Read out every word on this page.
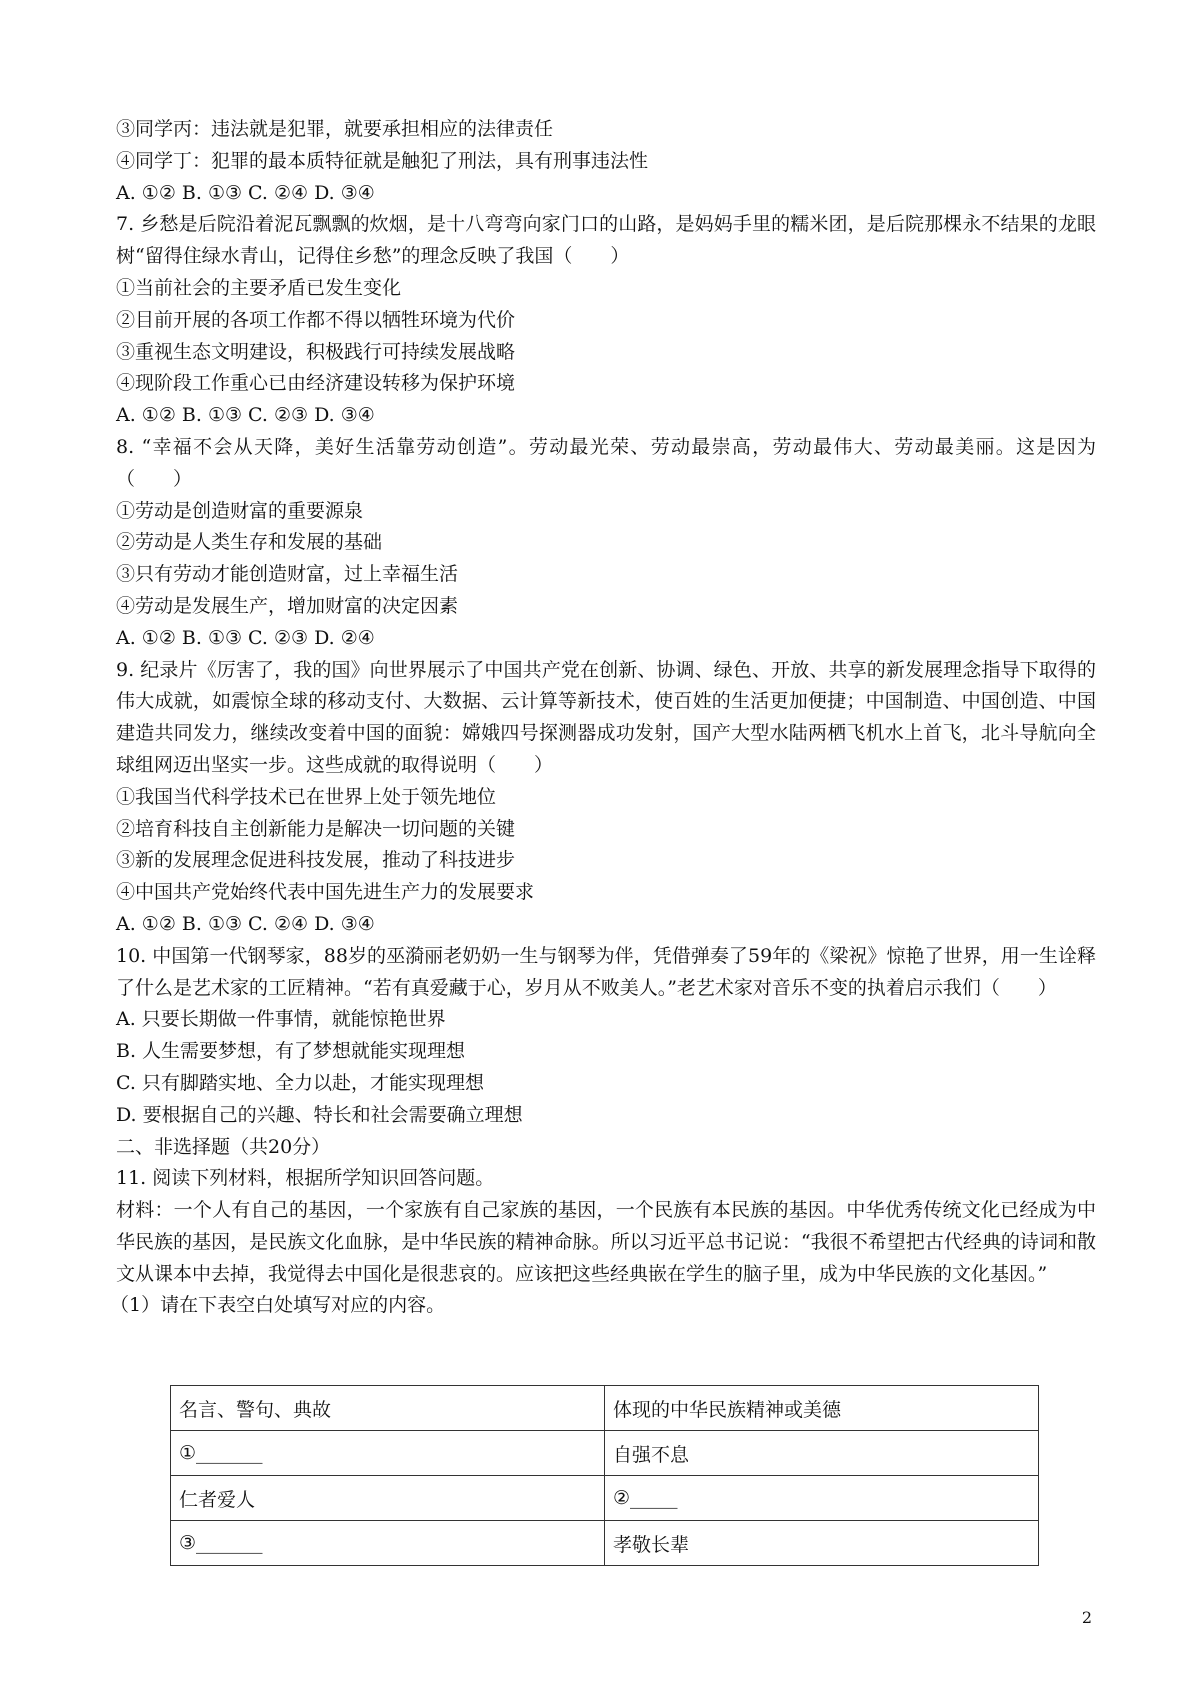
③同学丙：违法就是犯罪，就要承担相应的法律责任

④同学丁：犯罪的最本质特征就是触犯了刑法，具有刑事违法性

A. ①② B. ①③ C. ②④ D. ③④

7. 乡愁是后院沿着泥瓦飘飘的炊烟，是十八弯弯向家门口的山路，是妈妈手里的糯米团，是后院那棵永不结果的龙眼树“留得住绿水青山，记得住乡愁”的理念反映了我国（　　）

①当前社会的主要矛盾已发生变化

②目前开展的各项工作都不得以牺牲环境为代价

③重视生态文明建设，积极践行可持续发展战略

④现阶段工作重心已由经济建设转移为保护环境

A. ①② B. ①③ C. ②③ D. ③④

8. “幸福不会从天降，美好生活靠劳动创造”。劳动最光荣、劳动最崇高，劳动最伟大、劳动最美丽。这是因为（　　）

①劳动是创造财富的重要源泉

②劳动是人类生存和发展的基础

③只有劳动才能创造财富，过上幸福生活

④劳动是发展生产，增加财富的决定因素

A. ①② B. ①③ C. ②③ D. ②④

9. 纪录片《厉害了，我的国》向世界展示了中国共产党在创新、协调、绿色、开放、共享的新发展理念指导下取得的伟大成就，如震惊全球的移动支付、大数据、云计算等新技术，使百姓的生活更加便捷；中国制造、中国创造、中国建造共同发力，继续改变着中国的面貌：嫦娥四号探测器成功发射，国产大型水陆两栖飞机水上首飞，北斗导航向全球组网迈出坚实一步。这些成就的取得说明（　　）

①我国当代科学技术已在世界上处于领先地位

②培育科技自主创新能力是解决一切问题的关键

③新的发展理念促进科技发展，推动了科技进步

④中国共产党始终代表中国先进生产力的发展要求

A. ①② B. ①③ C. ②④ D. ③④

10. 中国第一代钢琴家，88岁的巫漪丽老奶奶一生与钢琴为伴，凭借弹奏了59年的《梁祝》惊艳了世界，用一生诠释了什么是艺术家的工匠精神。“若有真爱藏于心，岁月从不败美人。”老艺术家对音乐不变的执着启示我们（　　）

A. 只要长期做一件事情，就能惊艳世界

B. 人生需要梦想，有了梦想就能实现理想

C. 只有脚踏实地、全力以赴，才能实现理想

D. 要根据自己的兴趣、特长和社会需要确立理想

二、非选择题（共20分）

11. 阅读下列材料，根据所学知识回答问题。

材料：一个人有自己的基因，一个家族有自己家族的基因，一个民族有本民族的基因。中华优秀传统文化已经成为中华民族的基因，是民族文化血脉，是中华民族的精神命脉。所以习近平总书记说：“我很不希望把古代经典的诗词和散文从课本中去掉，我觉得去中国化是很悲哀的。应该把这些经典嵌在学生的脑子里，成为中华民族的文化基因。”

（1）请在下表空白处填写对应的内容。

名言、警句、典故	体现的中华民族精神或美德
①_______	自强不息
仁者爱人	②_____
③_______	孝敬长辈
2
